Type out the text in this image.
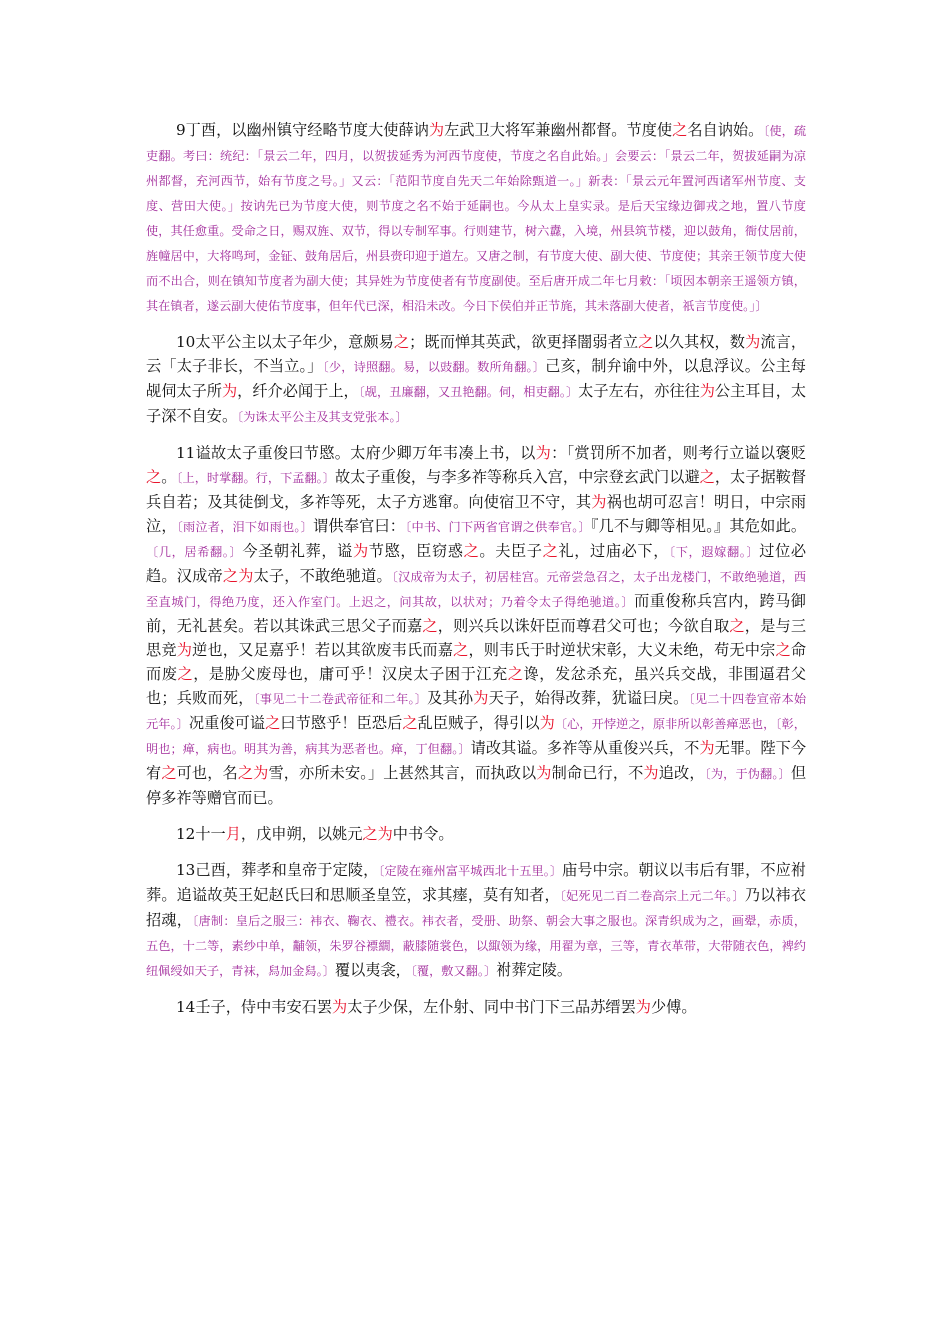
9丁酉，以幽州镇守经略节度大使薛讷为左武卫大将军兼幽州都督。节度使之名自讷始。〔使，疏吏翻。考曰：统纪：「景云二年，四月，以贺拔延秀为河西节度使，节度之名自此始。」会要云：「景云二年，贺拔延嗣为凉州都督，充河西节，始有节度之号。」又云：「范阳节度自先天二年始除甄道一。」新表：「景云元年置河西诸军州节度、支度、营田大使。」按讷先已为节度大使，则节度之名不始于延嗣也。今从太上皇实录。是后天宝缘边御戎之地，置八节度使，其任愈重。受命之日，赐双旌、双节，得以专制军事。行则建节，树六纛，入境，州县筑节楼，迎以鼓角，衙仗居前，旌幢居中，大将鸣珂，金钲、鼓角居后，州县赍印迎于道左。又唐之制，有节度大使、副大使、节度使；其亲王领节度大使而不出合，则在镇知节度者为副大使；其异姓为节度使者有节度副使。至后唐开成二年七月敕：「顷因本朝亲王遥领方镇，其在镇者，遂云副大使佑节度事，但年代已深，相沿未改。今日下侯伯并正节旄，其未落副大使者，祇言节度使。」〕

10太平公主以太子年少，意颇易之；既而惮其英武，欲更择闇弱者立之以久其权，数为流言，云「太子非长，不当立。」〔少，诗照翻。易，以豉翻。数所角翻。〕己亥，制弁谕中外，以息浮议。公主每觇伺太子所为，纤介必闻于上，〔觇，丑廉翻，又丑艳翻。伺，相吏翻。〕太子左右，亦往往为公主耳目，太子深不自安。〔为诛太平公主及其支党张本。〕

11谥故太子重俊曰节愍。太府少卿万年韦凑上书，以为：「赏罚所不加者，则考行立谥以褒贬之。〔上，时掌翻。行，下孟翻。〕故太子重俊，与李多祚等称兵入宫，中宗登玄武门以避之，太子据鞍督兵自若；及其徒倒戈，多祚等死，太子方逃窜。向使宿卫不守，其为祸也胡可忍言！明日，中宗雨泣，〔雨泣者，泪下如雨也。〕谓供奉官曰：〔中书、门下两省官谓之供奉官。〕『几不与卿等相见。』其危如此。〔几，居希翻。〕今圣朝礼葬，谥为节愍，臣窃惑之。夫臣子之礼，过庙必下，〔下，遐嫁翻。〕过位必趋。汉成帝之为太子，不敢绝驰道。〔汉成帝为太子，初居桂宫。元帝尝急召之，太子出龙楼门，不敢绝驰道，西至直城门，得绝乃度，还入作室门。上迟之，问其故，以状对；乃着令太子得绝驰道。〕而重俊称兵宫内，跨马御前，无礼甚矣。若以其诛武三思父子而嘉之，则兴兵以诛奸臣而尊君父可也；今欲自取之，是与三思竞为逆也，又足嘉乎！若以其欲废韦氏而嘉之，则韦氏于时逆状宋彰，大义未绝，苟无中宗之命而废之，是胁父废母也，庸可乎！汉戾太子困于江充之谗，发忿杀充，虽兴兵交战，非围逼君父也；兵败而死，〔事见二十二卷武帝征和二年。〕及其孙为天子，始得改葬，犹谥曰戾。〔见二十四卷宣帝本始元年。〕况重俊可谥之曰节愍乎！臣恐后之乱臣贼子，得引以为〔心，开悖逆之，原非所以彰善瘅恶也，〔彰，明也；瘅，病也。明其为善，病其为恶者也。瘅，丁但翻。〕请改其谥。多祚等从重俊兴兵，不为无罪。陛下今宥之可也，名之为雪，亦所未安。」上甚然其言，而执政以为制命已行，不为追改，〔为，于伪翻。〕但停多祚等赠官而已。

12十一月，戊申朔，以姚元之为中书令。

13己酉，葬孝和皇帝于定陵，〔定陵在雍州富平城西北十五里。〕庙号中宗。朝议以韦后有罪，不应祔葬。追谥故英王妃赵氏曰和思顺圣皇笠，求其瘗，莫有知者，〔妃死见二百二卷高宗上元二年。〕乃以袆衣招魂，〔唐制：皇后之服三：袆衣、鞠衣、禮衣。袆衣者，受册、助祭、朝会大事之服也。深青织成为之，画翚，赤质，五色，十二等，素纱中单，黼领，朱罗谷褾繝，蔽膝随裳色，以緅领为缘，用翟为章，三等，青衣革带，大带随衣色，裨约纽佩绶如天子，青袜，舄加金舄。〕覆以夷衾，〔覆，敷又翻。〕祔葬定陵。

14壬子，侍中韦安石罢为太子少保，左仆射、同中书门下三品苏缙罢为少傅。
